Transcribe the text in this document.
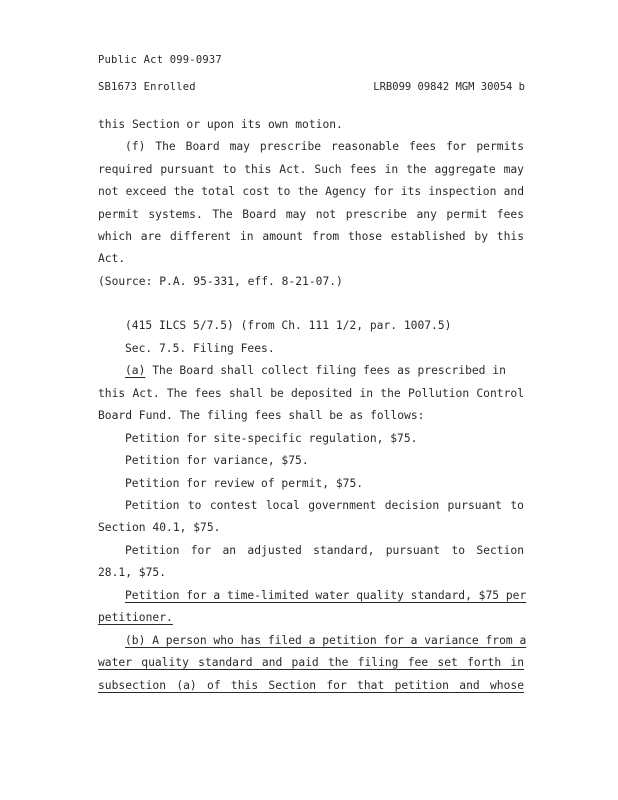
Public Act 099-0937
SB1673 Enrolled	LRB099 09842 MGM 30054 b
this Section or upon its own motion.
(f) The Board may prescribe reasonable fees for permits
required pursuant to this Act. Such fees in the aggregate may
not exceed the total cost to the Agency for its inspection and
permit systems. The Board may not prescribe any permit fees
which are different in amount from those established by this
Act.
(Source: P.A. 95-331, eff. 8-21-07.)
(415 ILCS 5/7.5) (from Ch. 111 1/2, par. 1007.5)
Sec. 7.5. Filing Fees.
(a) The Board shall collect filing fees as prescribed in
this Act. The fees shall be deposited in the Pollution Control
Board Fund. The filing fees shall be as follows:
Petition for site-specific regulation, $75.
Petition for variance, $75.
Petition for review of permit, $75.
Petition to contest local government decision pursuant to
Section 40.1, $75.
Petition for an adjusted standard, pursuant to Section
28.1, $75.
Petition for a time-limited water quality standard, $75 per
petitioner.
(b) A person who has filed a petition for a variance from a
water quality standard and paid the filing fee set forth in
subsection (a) of this Section for that petition and whose
